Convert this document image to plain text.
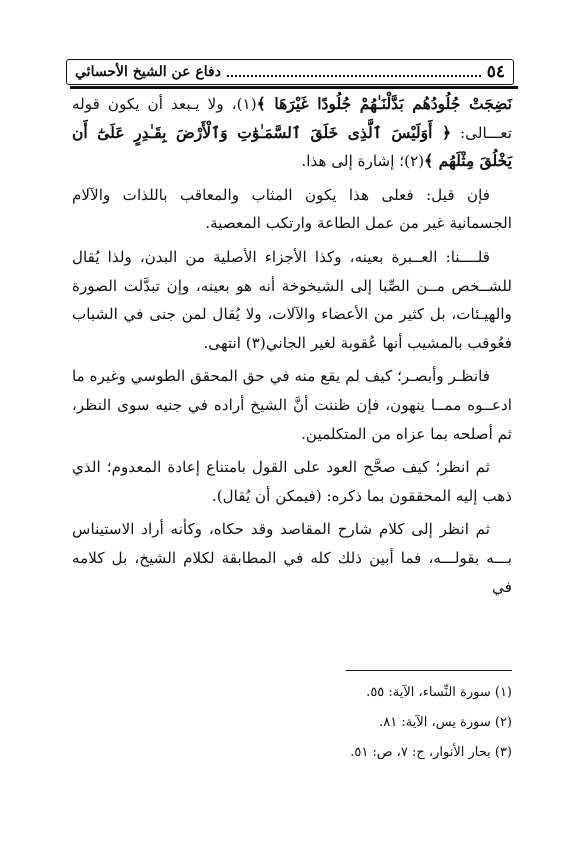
٥٤
دفاع عن الشيخ الأحسائي

نَضِجَتْ جُلُودُهُم بَدَّلْنَـٰهُمْ جُلُودًا غَيْرَهَا ﴾(١)، ولا يـبعد أن يكون قوله تعـــالى: ﴿ أَوَلَيْسَ ٱلَّذِى خَلَقَ ٱلسَّمَـٰوَٰتِ وَٱلْأَرْضَ بِقَـٰدِرٍ عَلَىٰٓ أَن يَخْلُقَ مِثْلَهُم ﴾(٢)؛ إشارة إلى هذا.

فإن قيل: فعلى هذا يكون المثاب والمعاقب باللذات والآلام الجسمانية غير من عمل الطاعة وارتكب المعصية.

قلــــنا: العــبرة بعينه، وكذا الأجزاء الأصلية من البدن، ولذا يُقال للشــخص مــن الصِّبا إلى الشيخوخة أنه هو بعينه، وإن تبدَّلت الصورة والهيـئات، بل كثير من الأعضاء والآلات، ولا يُقال لمن جنى في الشباب فعُوقب بالمشيب أنها عُقوبة لغير الجاني(٣) انتهى.

فانظـر وأبصـر؛ كيف لم يقع منه في حق المحقق الطوسي وغيره ما ادعــوه ممــا ينهون، فإن ظننت أنَّ الشيخ أراده في جنيه سوى النظر، ثم أصلحه بما عزاه من المتكلمين.

ثم انظر؛ كيف صحَّح العود على القول بامتناع إعادة المعدوم؛ الذي ذهب إليه المحققون بما ذكره: (فيمكن أن يُقال).

ثم انظر إلى كلام شارح المقاصد وقد حكاه، وكأنه أراد الاستيناس بـــه بقولـــه، فما أبين ذلك كله في المطابقة لكلام الشيخ، بل كلامه في

(١) سورة النِّساء، الآية: ٥٥.
(٢) سورة يس، الآية: ٨١.
(٣) بحار الأنوار، ج: ٧، ص: ٥١.
